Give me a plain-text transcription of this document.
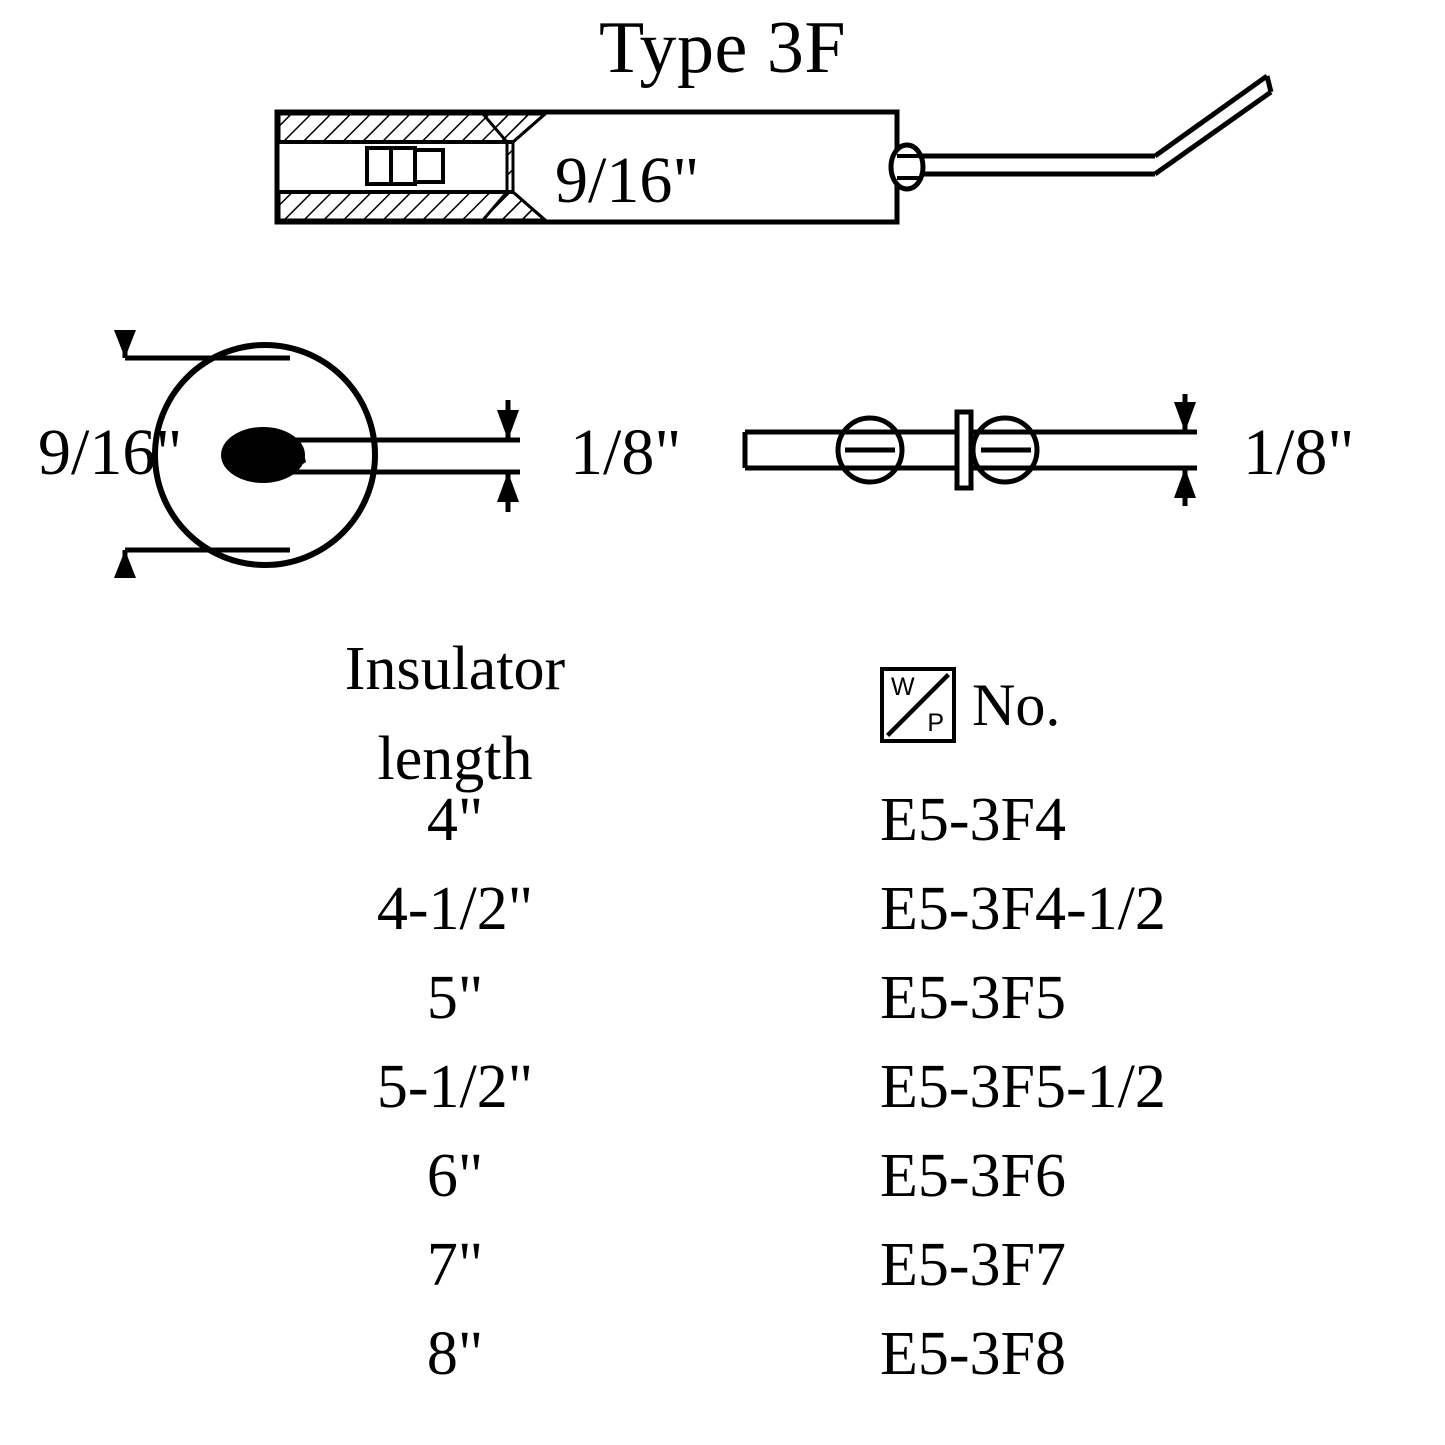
Type 3F
9/16"
9/16"	1/8"	1/8"
Insulator
length
W
P No.
4"	E5-3F4
4-1/2"	E5-3F4-1/2
5"	E5-3F5
5-1/2"	E5-3F5-1/2
6"	E5-3F6
7"	E5-3F7
8"	E5-3F8
